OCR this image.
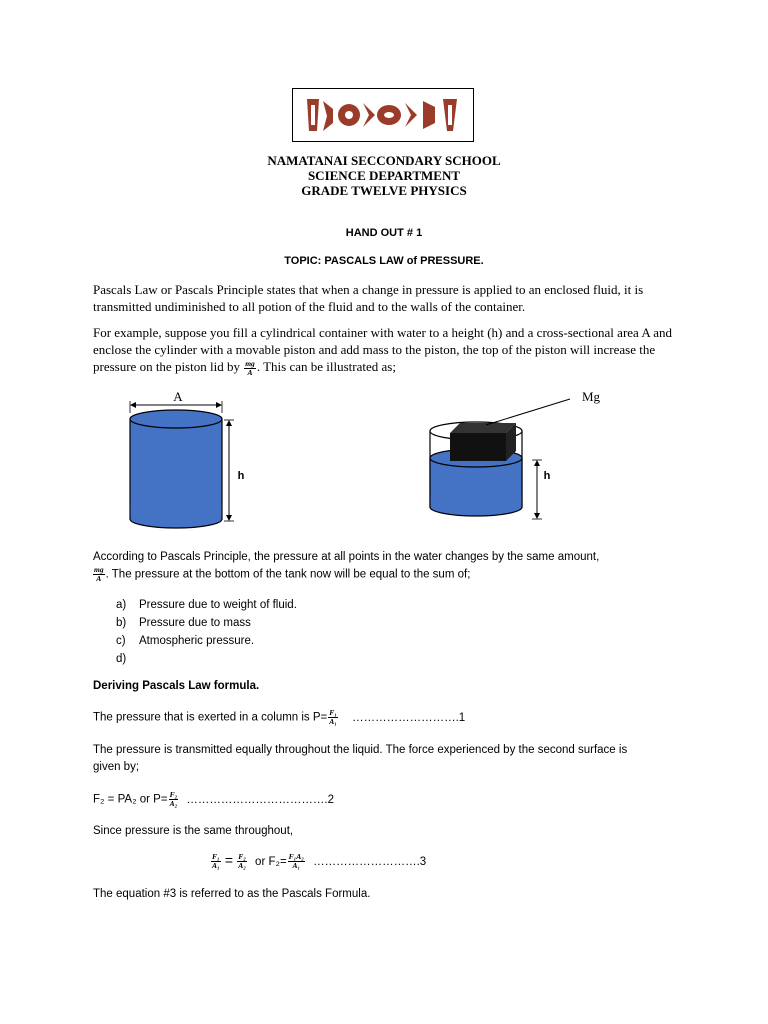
NAMATANAI SECCONDARY SCHOOL
SCIENCE DEPARTMENT
GRADE TWELVE PHYSICS
HAND OUT # 1
TOPIC: PASCALS LAW of PRESSURE.
Pascals Law or Pascals Principle states that when a change in pressure is applied to an enclosed fluid, it is transmitted undiminished to all potion of the fluid and to the walls of the container.
For example, suppose you fill a cylindrical container with water to a height (h) and a cross-sectional area A and enclose the cylinder with a movable piston and add mass to the piston, the top of the piston will increase the pressure on the piston lid by $\frac{mg}{A}$ . This can be illustrated as;
A
h
Mg
h
According to Pascals Principle, the pressure at all points in the water changes by the same amount,

$\frac{mg}{A}$ . The pressure at the bottom of the tank now will be equal to the sum of;
a) Pressure due to weight of fluid.
b) Pressure due to mass
c) Atmospheric pressure.
d)
Deriving Pascals Law formula.
The pressure that is exerted in a column is $P= \frac{\text{F₁}}{\text{A₁}}$ ……………………….1
The pressure is transmitted equally throughout the liquid. The force experienced by the second surface is given by;
F₂ = PA₂ or $P= \frac{\text{F₂}}{\text{A₂}}$ ……………………………….2
Since pressure is the same throughout,
$\frac{\text{F₁}}{\text{A₁}} = \frac{\text{F₂}}{\text{A₂}}$ or $F_2= \frac{\text{F₁A₂}}{\text{A₁}}$ ……………………….3
The equation #3 is referred to as the Pascals Formula.
